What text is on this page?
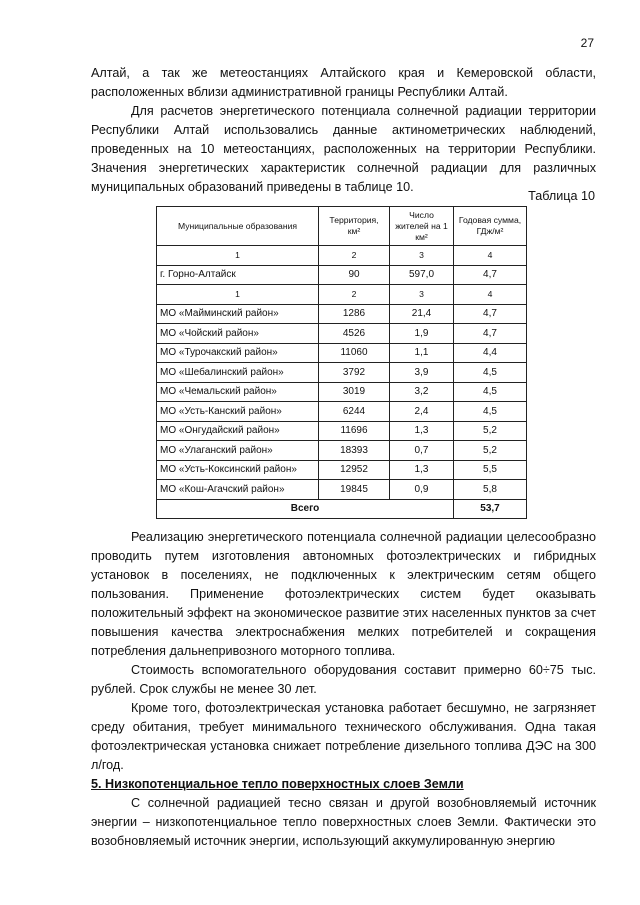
27

Алтай, а так же метеостанциях Алтайского края и Кемеровской области, расположенных вблизи административной границы Республики Алтай.

Для расчетов энергетического потенциала солнечной радиации территории Республики Алтай использовались данные актинометрических наблюдений, проведенных на 10 метеостанциях, расположенных на территории Республики. Значения энергетических характеристик солнечной радиации для различных муниципальных образований приведены в таблице 10.

Таблица 10
Муниципальные образования	Территория, км²	Число жителей на 1 км²	Годовая сумма, ГДж/м²
1	2	3	4
г. Горно-Алтайск	90	597,0	4,7
1	2	3	4
МО «Майминский район»	1286	21,4	4,7
МО «Чойский район»	4526	1,9	4,7
МО «Турочакский район»	11060	1,1	4,4
МО «Шебалинский район»	3792	3,9	4,5
МО «Чемальский район»	3019	3,2	4,5
МО «Усть-Канский район»	6244	2,4	4,5
МО «Онгудайский район»	11696	1,3	5,2
МО «Улаганский район»	18393	0,7	5,2
МО «Усть-Коксинский район»	12952	1,3	5,5
МО «Кош-Агачский район»	19845	0,9	5,8
Всего			53,7

Реализацию энергетического потенциала солнечной радиации целесообразно проводить путем изготовления автономных фотоэлектрических и гибридных установок в поселениях, не подключенных к электрическим сетям общего пользования. Применение фотоэлектрических систем будет оказывать положительный эффект на экономическое развитие этих населенных пунктов за счет повышения качества электроснабжения мелких потребителей и сокращения потребления дальнепривозного моторного топлива.

Стоимость вспомогательного оборудования составит примерно 60÷75 тыс. рублей. Срок службы не менее 30 лет.

Кроме того, фотоэлектрическая установка работает бесшумно, не загрязняет среду обитания, требует минимального технического обслуживания. Одна такая фотоэлектрическая установка снижает потребление дизельного топлива ДЭС на 300 л/год.

5. Низкопотенциальное тепло поверхностных слоев Земли

С солнечной радиацией тесно связан и другой возобновляемый источник энергии – низкопотенциальное тепло поверхностных слоев Земли. Фактически это возобновляемый источник энергии, использующий аккумулированную энергию
